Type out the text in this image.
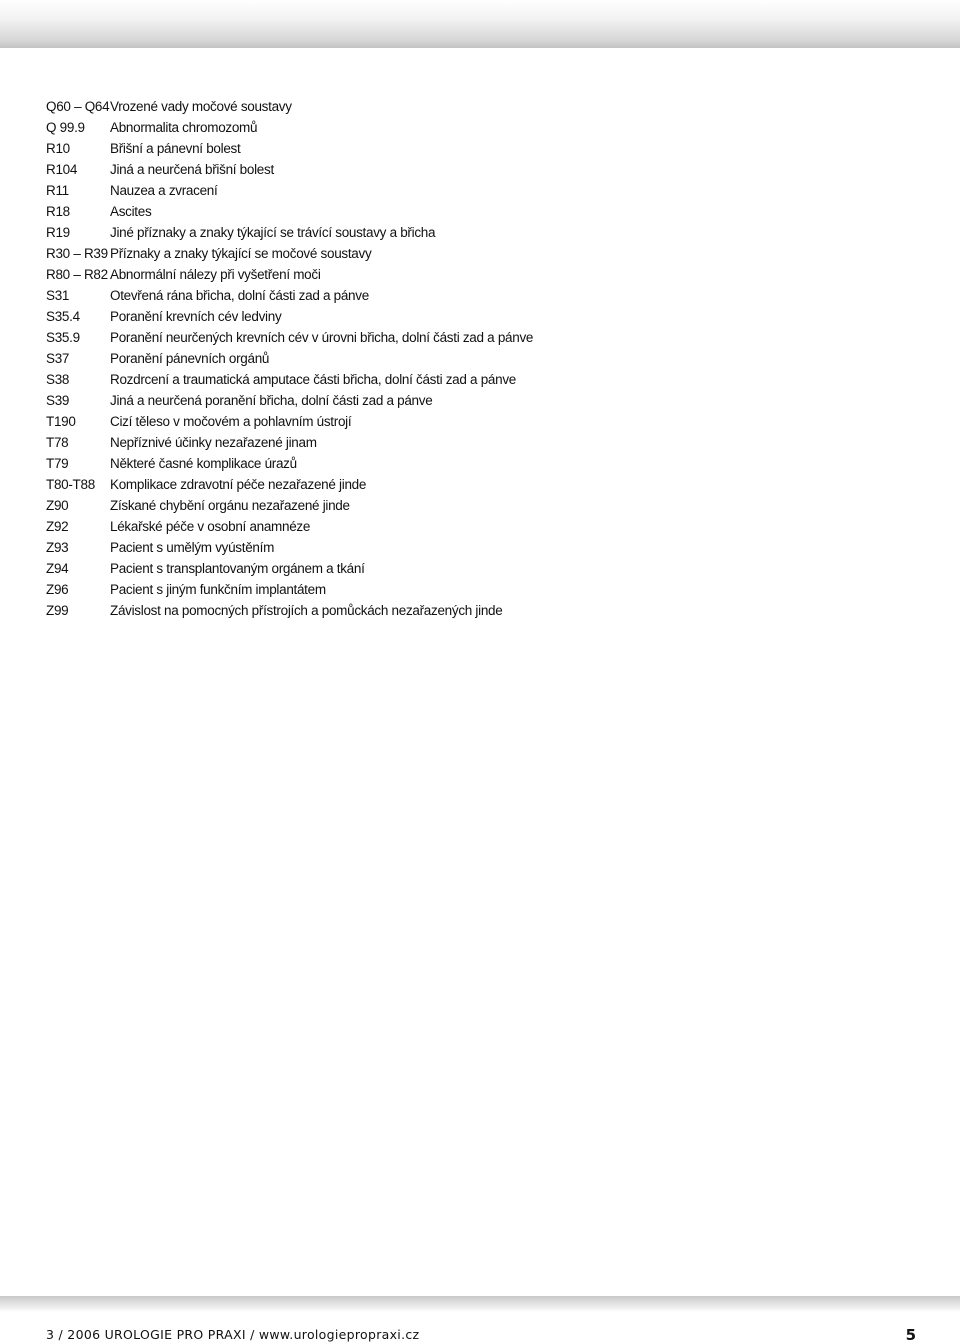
Q60 – Q64 Vrozené vady močové soustavy
Q 99.9	Abnormalita chromozomů
R10	Břišní a pánevní bolest
R104	Jiná a neurčená břišní bolest
R11	Nauzea a zvracení
R18	Ascites
R19	Jiné příznaky a znaky týkající se trávící soustavy a břicha
R30 – R39 Příznaky a znaky týkající se močové soustavy
R80 – R82 Abnormální nálezy při vyšetření moči
S31	Otevřená rána břicha, dolní části zad a pánve
S35.4	Poranění krevních cév ledviny
S35.9	Poranění neurčených krevních cév v úrovni břicha, dolní části zad a pánve
S37	Poranění pánevních orgánů
S38	Rozdrcení a traumatická amputace části břicha, dolní části zad a pánve
S39	Jiná a neurčená poranění břicha, dolní části zad a pánve
T190	Cizí těleso v močovém a pohlavním ústrojí
T78	Nepříznivé účinky nezařazené jinam
T79	Některé časné komplikace úrazů
T80-T88	Komplikace zdravotní péče nezařazené jinde
Z90	Získané chybění orgánu nezařazené jinde
Z92	Lékařské péče v osobní anamnéze
Z93	Pacient s umělým vyústěním
Z94	Pacient s transplantovaným orgánem a tkání
Z96	Pacient s jiným funkčním implantátem
Z99	Závislost na pomocných přístrojích a pomůckách nezařazených jinde
3 / 2006 UROLOGIE PRO PRAXI / www.urologiepropraxi.cz	5
